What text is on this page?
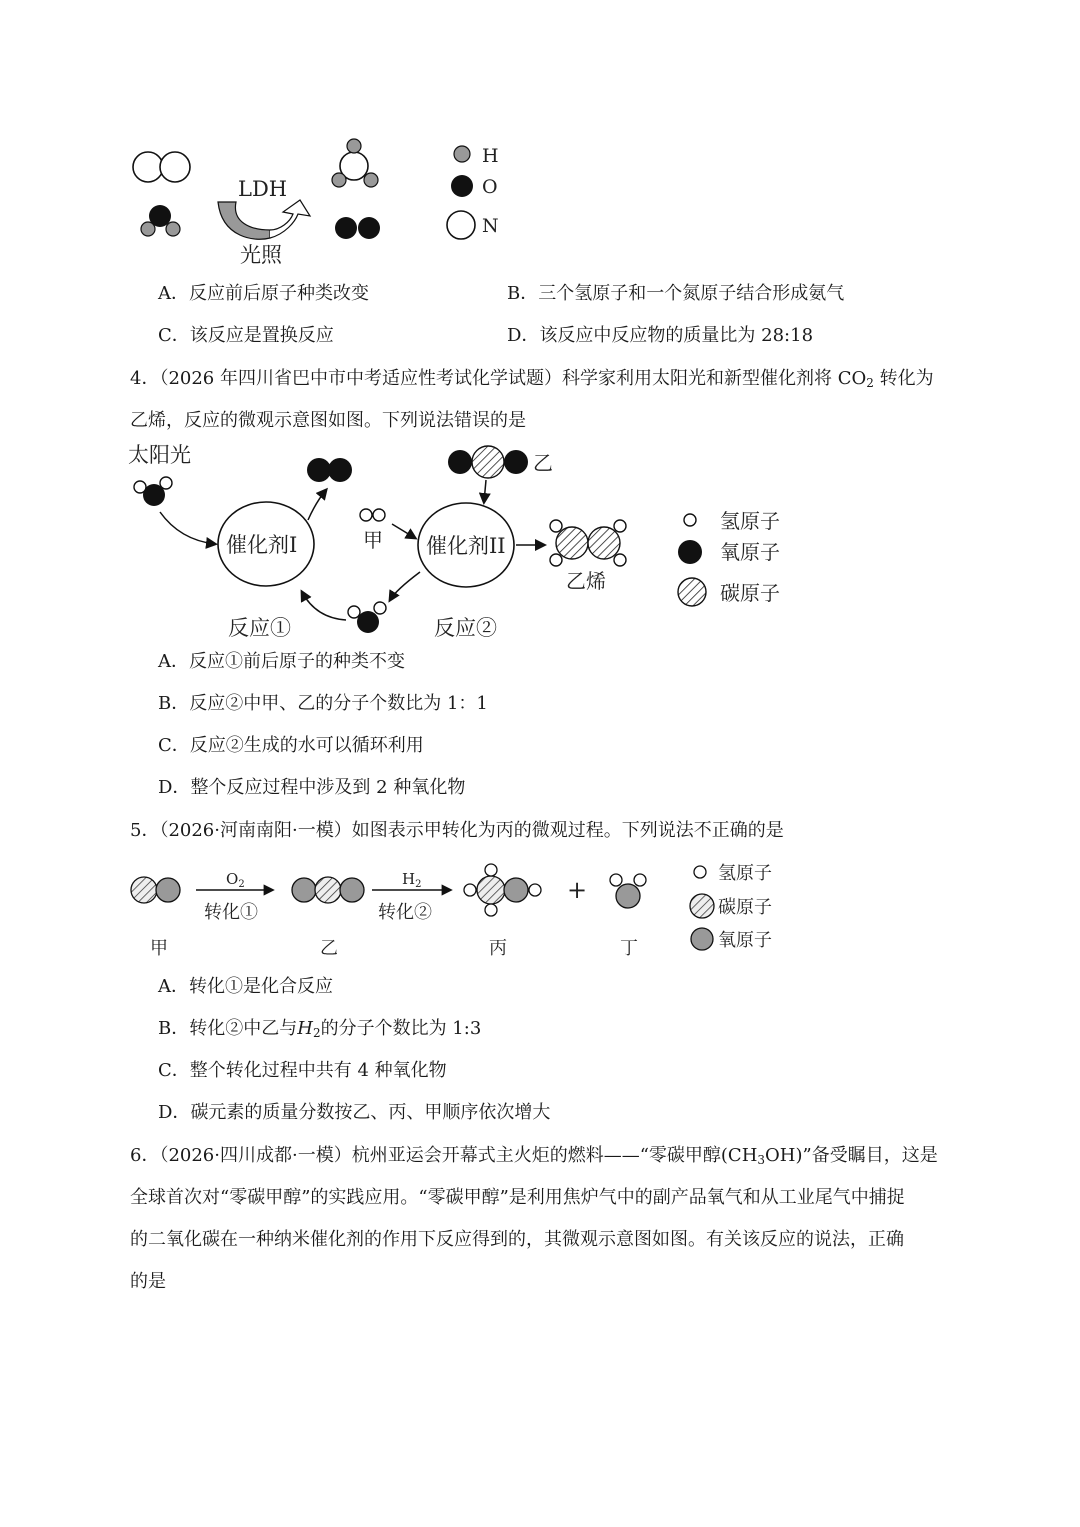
LDH
光照
H
O
N
A．反应前后原子种类改变	B．三个氢原子和一个氮原子结合形成氨气
C．该反应是置换反应	D．该反应中反应物的质量比为 28:18
4．（2026 年四川省巴中市中考适应性考试化学试题）科学家利用太阳光和新型催化剂将 $CO_2$ 转化为
乙烯，反应的微观示意图如图。下列说法错误的是
太阳光
催化剂I	甲 催化剂II
乙
乙烯
反应①	反应②
氢原子
氧原子
碳原子
A．反应①前后原子的种类不变
B．反应②中甲、乙的分子个数比为 1：1
C．反应②生成的水可以循环利用
D．整个反应过程中涉及到 2 种氧化物
5．（2026·河南南阳·一模）如图表示甲转化为丙的微观过程。下列说法不正确的是
$O_2$
转化①
$H_2$
转化②
+
甲	乙	丙	丁
氢原子
碳原子
氧原子
A．转化①是化合反应
B．转化②中乙与$H_2$的分子个数比为 1:3
C．整个转化过程中共有 4 种氧化物
D．碳元素的质量分数按乙、丙、甲顺序依次增大
6．（2026·四川成都·一模）杭州亚运会开幕式主火炬的燃料——“零碳甲醇$(CH_3OH)$”备受瞩目，这是
全球首次对“零碳甲醇”的实践应用。“零碳甲醇”是利用焦炉气中的副产品氧气和从工业尾气中捕捉
的二氧化碳在一种纳米催化剂的作用下反应得到的，其微观示意图如图。有关该反应的说法，正确
的是
